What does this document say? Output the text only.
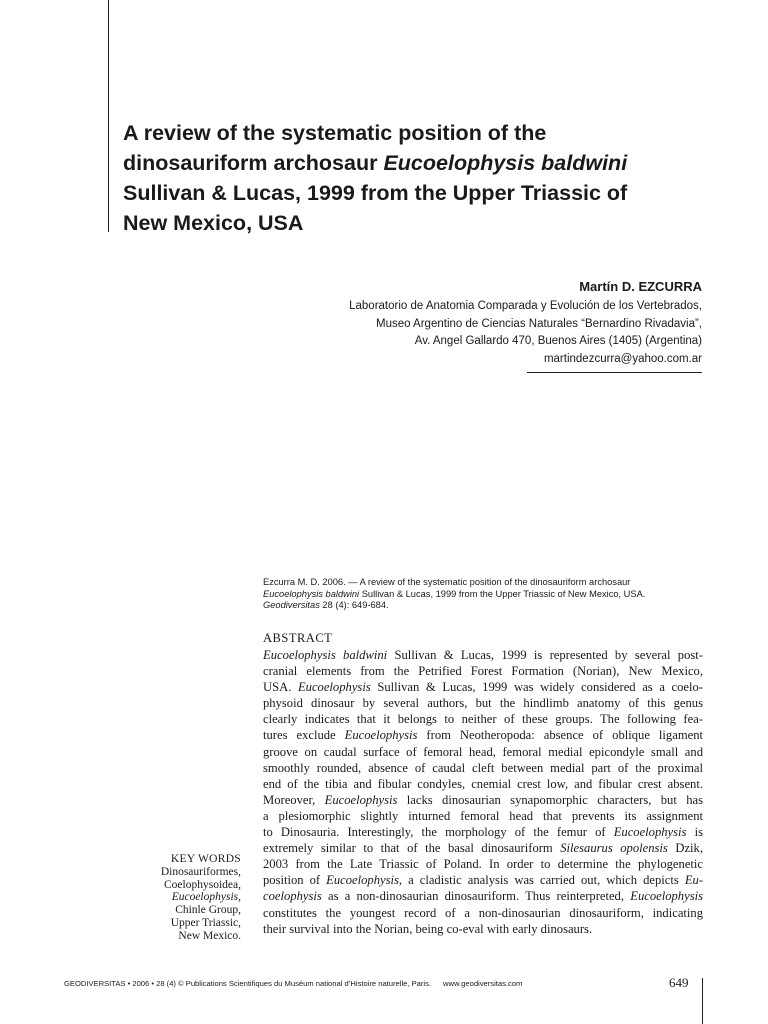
A review of the systematic position of the
dinosauriform archosaur Eucoelophysis baldwini
Sullivan & Lucas, 1999 from the Upper Triassic of
New Mexico, USA
Martín D. EZCURRA
Laboratorio de Anatomia Comparada y Evolución de los Vertebrados,
Museo Argentino de Ciencias Naturales “Bernardino Rivadavia”,
Av. Angel Gallardo 470, Buenos Aires (1405) (Argentina)
martindezcurra@yahoo.com.ar
Ezcurra M. D. 2006. — A review of the systematic position of the dinosauriform archosaur
Eucoelophysis baldwini Sullivan & Lucas, 1999 from the Upper Triassic of New Mexico, USA.
Geodiversitas 28 (4): 649-684.
ABSTRACT
Eucoelophysis baldwini Sullivan & Lucas, 1999 is represented by several post-
cranial elements from the Petrified Forest Formation (Norian), New Mexico,
USA. Eucoelophysis Sullivan & Lucas, 1999 was widely considered as a coelo-
physoid dinosaur by several authors, but the hindlimb anatomy of this genus
clearly indicates that it belongs to neither of these groups. The following fea-
tures exclude Eucoelophysis from Neotheropoda: absence of oblique ligament
groove on caudal surface of femoral head, femoral medial epicondyle small and
smoothly rounded, absence of caudal cleft between medial part of the proximal
end of the tibia and fibular condyles, cnemial crest low, and fibular crest absent.
Moreover, Eucoelophysis lacks dinosaurian synapomorphic characters, but has
a plesiomorphic slightly inturned femoral head that prevents its assignment
to Dinosauria. Interestingly, the morphology of the femur of Eucoelophysis is
extremely similar to that of the basal dinosauriform Silesaurus opolensis Dzik,
2003 from the Late Triassic of Poland. In order to determine the phylogenetic
position of Eucoelophysis, a cladistic analysis was carried out, which depicts Eu-
coelophysis as a non-dinosaurian dinosauriform. Thus reinterpreted, Eucoelophysis
constitutes the youngest record of a non-dinosaurian dinosauriform, indicating
their survival into the Norian, being co-eval with early dinosaurs.
KEY WORDS
Dinosauriformes,
Coelophysoidea,
Eucoelophysis,
Chinle Group,
Upper Triassic,
New Mexico.
GEODIVERSITAS • 2006 • 28 (4) © Publications Scientifiques du Muséum national d’Histoire naturelle, Paris. www.geodiversitas.com	649
